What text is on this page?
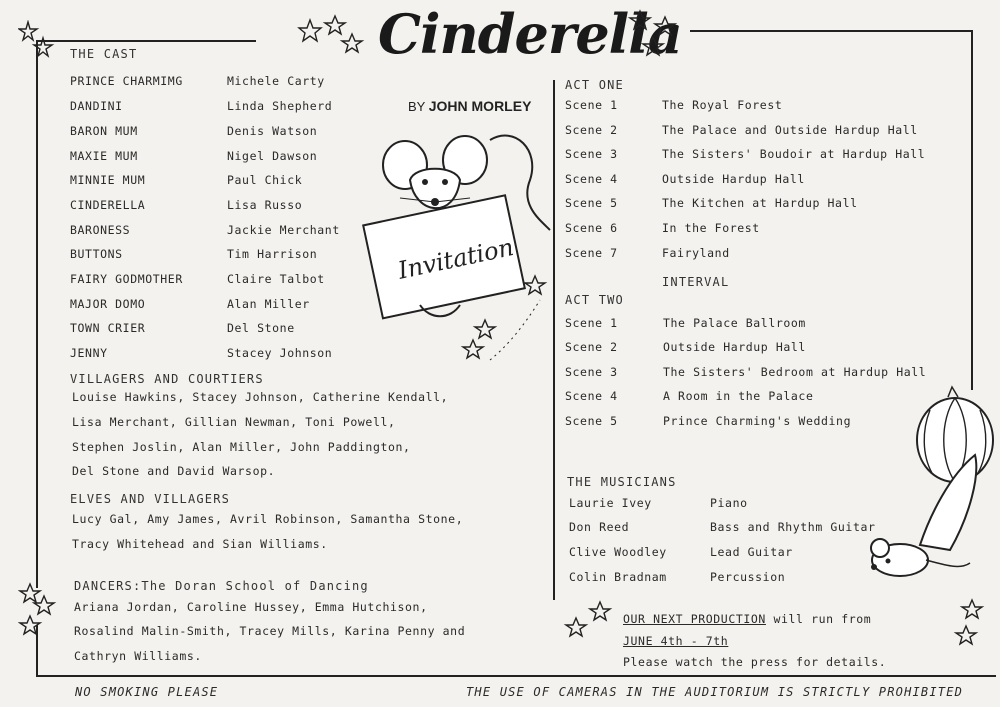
Cinderella
BY JOHN MORLEY
Invitation
THE CAST
PRINCE CHARMIMG	Michele Carty
DANDINI	Linda Shepherd
BARON MUM	Denis Watson
MAXIE MUM	Nigel Dawson
MINNIE MUM	Paul Chick
CINDERELLA	Lisa Russo
BARONESS	Jackie Merchant
BUTTONS	Tim Harrison
FAIRY GODMOTHER	Claire Talbot
MAJOR DOMO	Alan Miller
TOWN CRIER	Del Stone
JENNY	Stacey Johnson
VILLAGERS AND COURTIERS
Louise Hawkins, Stacey Johnson, Catherine Kendall,
Lisa Merchant, Gillian Newman, Toni Powell,
Stephen Joslin, Alan Miller, John Paddington,
Del Stone and David Warsop.
ELVES AND VILLAGERS
Lucy Gal, Amy James, Avril Robinson, Samantha Stone,
Tracy Whitehead and Sian Williams.
DANCERS:The Doran School of Dancing
Ariana Jordan, Caroline Hussey, Emma Hutchison,
Rosalind Malin-Smith, Tracey Mills, Karina Penny and
Cathryn Williams.
ACT ONE
Scene 1	The Royal Forest
Scene 2	The Palace and Outside Hardup Hall
Scene 3	The Sisters' Boudoir at Hardup Hall
Scene 4	Outside Hardup Hall
Scene 5	The Kitchen at Hardup Hall
Scene 6	In the Forest
Scene 7	Fairyland
INTERVAL
ACT TWO
Scene 1	The Palace Ballroom
Scene 2	Outside Hardup Hall
Scene 3	The Sisters' Bedroom at Hardup Hall
Scene 4	A Room in the Palace
Scene 5	Prince Charming's Wedding
THE MUSICIANS
Laurie Ivey	Piano
Don Reed	Bass and Rhythm Guitar
Clive Woodley	Lead Guitar
Colin Bradnam	Percussion
OUR NEXT PRODUCTION will run from
JUNE 4th - 7th
Please watch the press for details.
NO SMOKING PLEASE	THE USE OF CAMERAS IN THE AUDITORIUM IS STRICTLY PROHIBITED
